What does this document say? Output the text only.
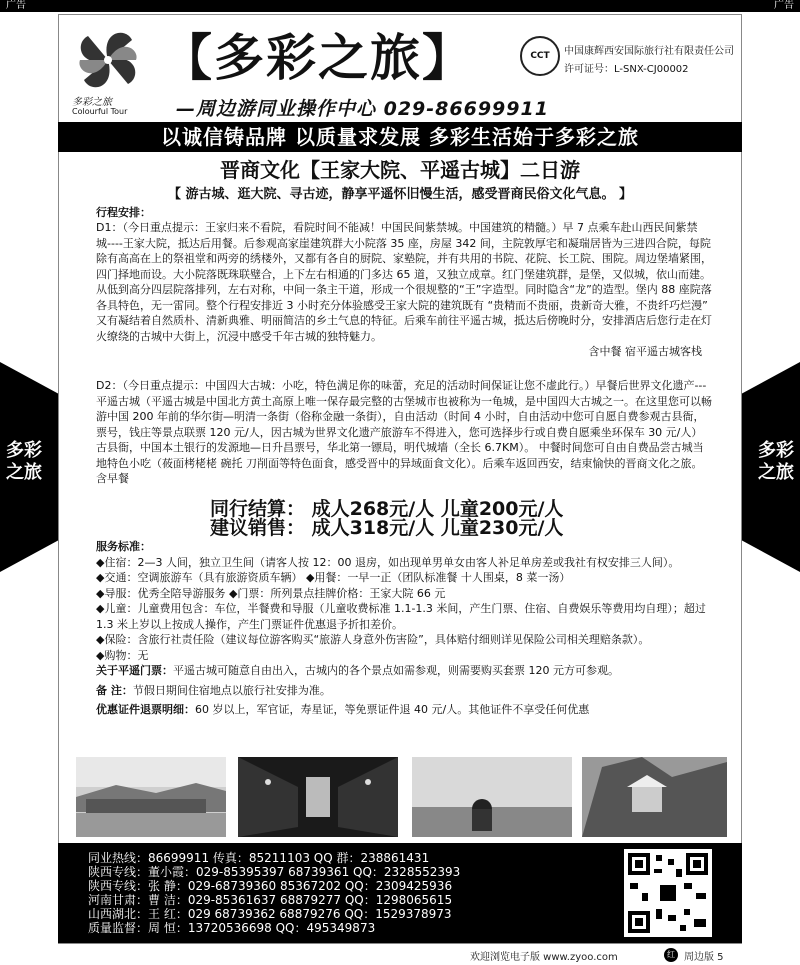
广告	广告
多彩之旅
多彩之旅
多彩之旅
Colourful Tour
【多彩之旅】	CCT	中国康辉西安国际旅行社有限责任公司
许可证号：L-SNX-CJ00002
—周边游同业操作中心 029-86699911
以诚信铸品牌 以质量求发展 多彩生活始于多彩之旅
晋商文化【王家大院、平遥古城】二日游
【 游古城、逛大院、寻古迹，静享平遥怀旧慢生活，感受晋商民俗文化气息。 】
行程安排：
D1：（今日重点提示：王家归来不看院，看院时间不能减！中国民间紫禁城。中国建筑的精髓。）早 7 点乘车赴山西民间紫禁城----王家大院，抵达后用餐。后参观高家崖建筑群大小院落 35 座，房屋 342 间，主院敦厚宅和凝瑞居皆为三进四合院，每院除有高高在上的祭祖堂和两旁的绣楼外，又都有各自的厨院、家塾院，并有共用的书院、花院、长工院、围院。周边堡墙紧围，四门择地而设。大小院落既珠联璧合，上下左右相通的门多达 65 道，又独立成章。红门堡建筑群，是堡，又似城，依山而建。从低到高分四层院落排列，左右对称，中间一条主干道，形成一个很规整的“王”字造型。同时隐含“龙”的造型。堡内 88 座院落各具特色，无一雷同。整个行程安排近 3 小时充分体验感受王家大院的建筑既有 “贵精而不贵丽，贵新奇大雅，不贵纤巧烂漫” 又有凝结着自然质朴、清新典雅、明丽简洁的乡土气息的特征。后乘车前往平遥古城，抵达后傍晚时分，安排酒店后您行走在灯火缭绕的古城中大街上，沉浸中感受千年古城的独特魅力。
含中餐 宿平遥古城客栈
D2：（今日重点提示：中国四大古城：小吃，特色满足你的味蕾，充足的活动时间保证让您不虚此行。）早餐后世界文化遗产---平遥古城（平遥古城是中国北方黄土高原上唯一保存最完整的古堡城市也被称为一龟城，是中国四大古城之一。在这里您可以畅游中国 200 年前的华尔街—明清一条街（俗称金融一条街），自由活动（时间 4 小时，自由活动中您可自愿自费参观古县衙，票号，钱庄等景点联票 120 元/人，因古城为世界文化遗产旅游车不得进入，您可选择步行或自费自愿乘坐环保车 30 元/人）古县衙，中国本土银行的发源地—日升昌票号，华北第一镖局，明代城墙（全长 6.7KM）。 中餐时间您可自由自费品尝古城当地特色小吃（莜面栲栳栳 碗托 刀削面等特色面食，感受晋中的异域面食文化）。后乘车返回西安，结束愉快的晋商文化之旅。含早餐
同行结算： 成人268元/人 儿童200元/人
建议销售： 成人318元/人 儿童230元/人
服务标准：
◆住宿：2—3 人间，独立卫生间（请客人按 12：00 退房，如出现单男单女由客人补足单房差或我社有权安排三人间）。
◆交通：空调旅游车（具有旅游资质车辆） ◆用餐：一早一正（团队标准餐 十人围桌，8 菜一汤）
◆导服：优秀全陪导游服务 ◆门票：所列景点挂牌价格：王家大院 66 元
◆儿童：儿童费用包含：车位，半餐费和导服（儿童收费标准 1.1-1.3 米间，产生门票、住宿、自费娱乐等费用均自理）；超过 1.3 米上岁以上按成人操作，产生门票证件优惠退予折扣差价。
◆保险：含旅行社责任险（建议每位游客购买“旅游人身意外伤害险”，具体赔付细则详见保险公司相关理赔条款）。
◆购物：无
关于平遥门票：平遥古城可随意自由出入，古城内的各个景点如需参观，则需要购买套票 120 元方可参观。
备 注：节假日期间住宿地点以旅行社安排为准。
优惠证件退票明细：60 岁以上，军官证，寿星证，等免票证件退 40 元/人。其他证件不享受任何优惠
同业热线：86699911 传真：85211103 QQ 群：238861431
陕西专线：董小霞：029-85395397 68739361 QQ：2328552393
陕西专线：张 静：029-68739360 85367202 QQ：2309425936
河南甘肃：曹 洁：029-85361637 68879277 QQ：1298065615
山西湖北：王 红：029 68739362 68879276 QQ：1529378973
质量监督：周 恒：13720536698 QQ：495349873
欢迎浏览电子版 www.zyoo.com	红 周边版 5
